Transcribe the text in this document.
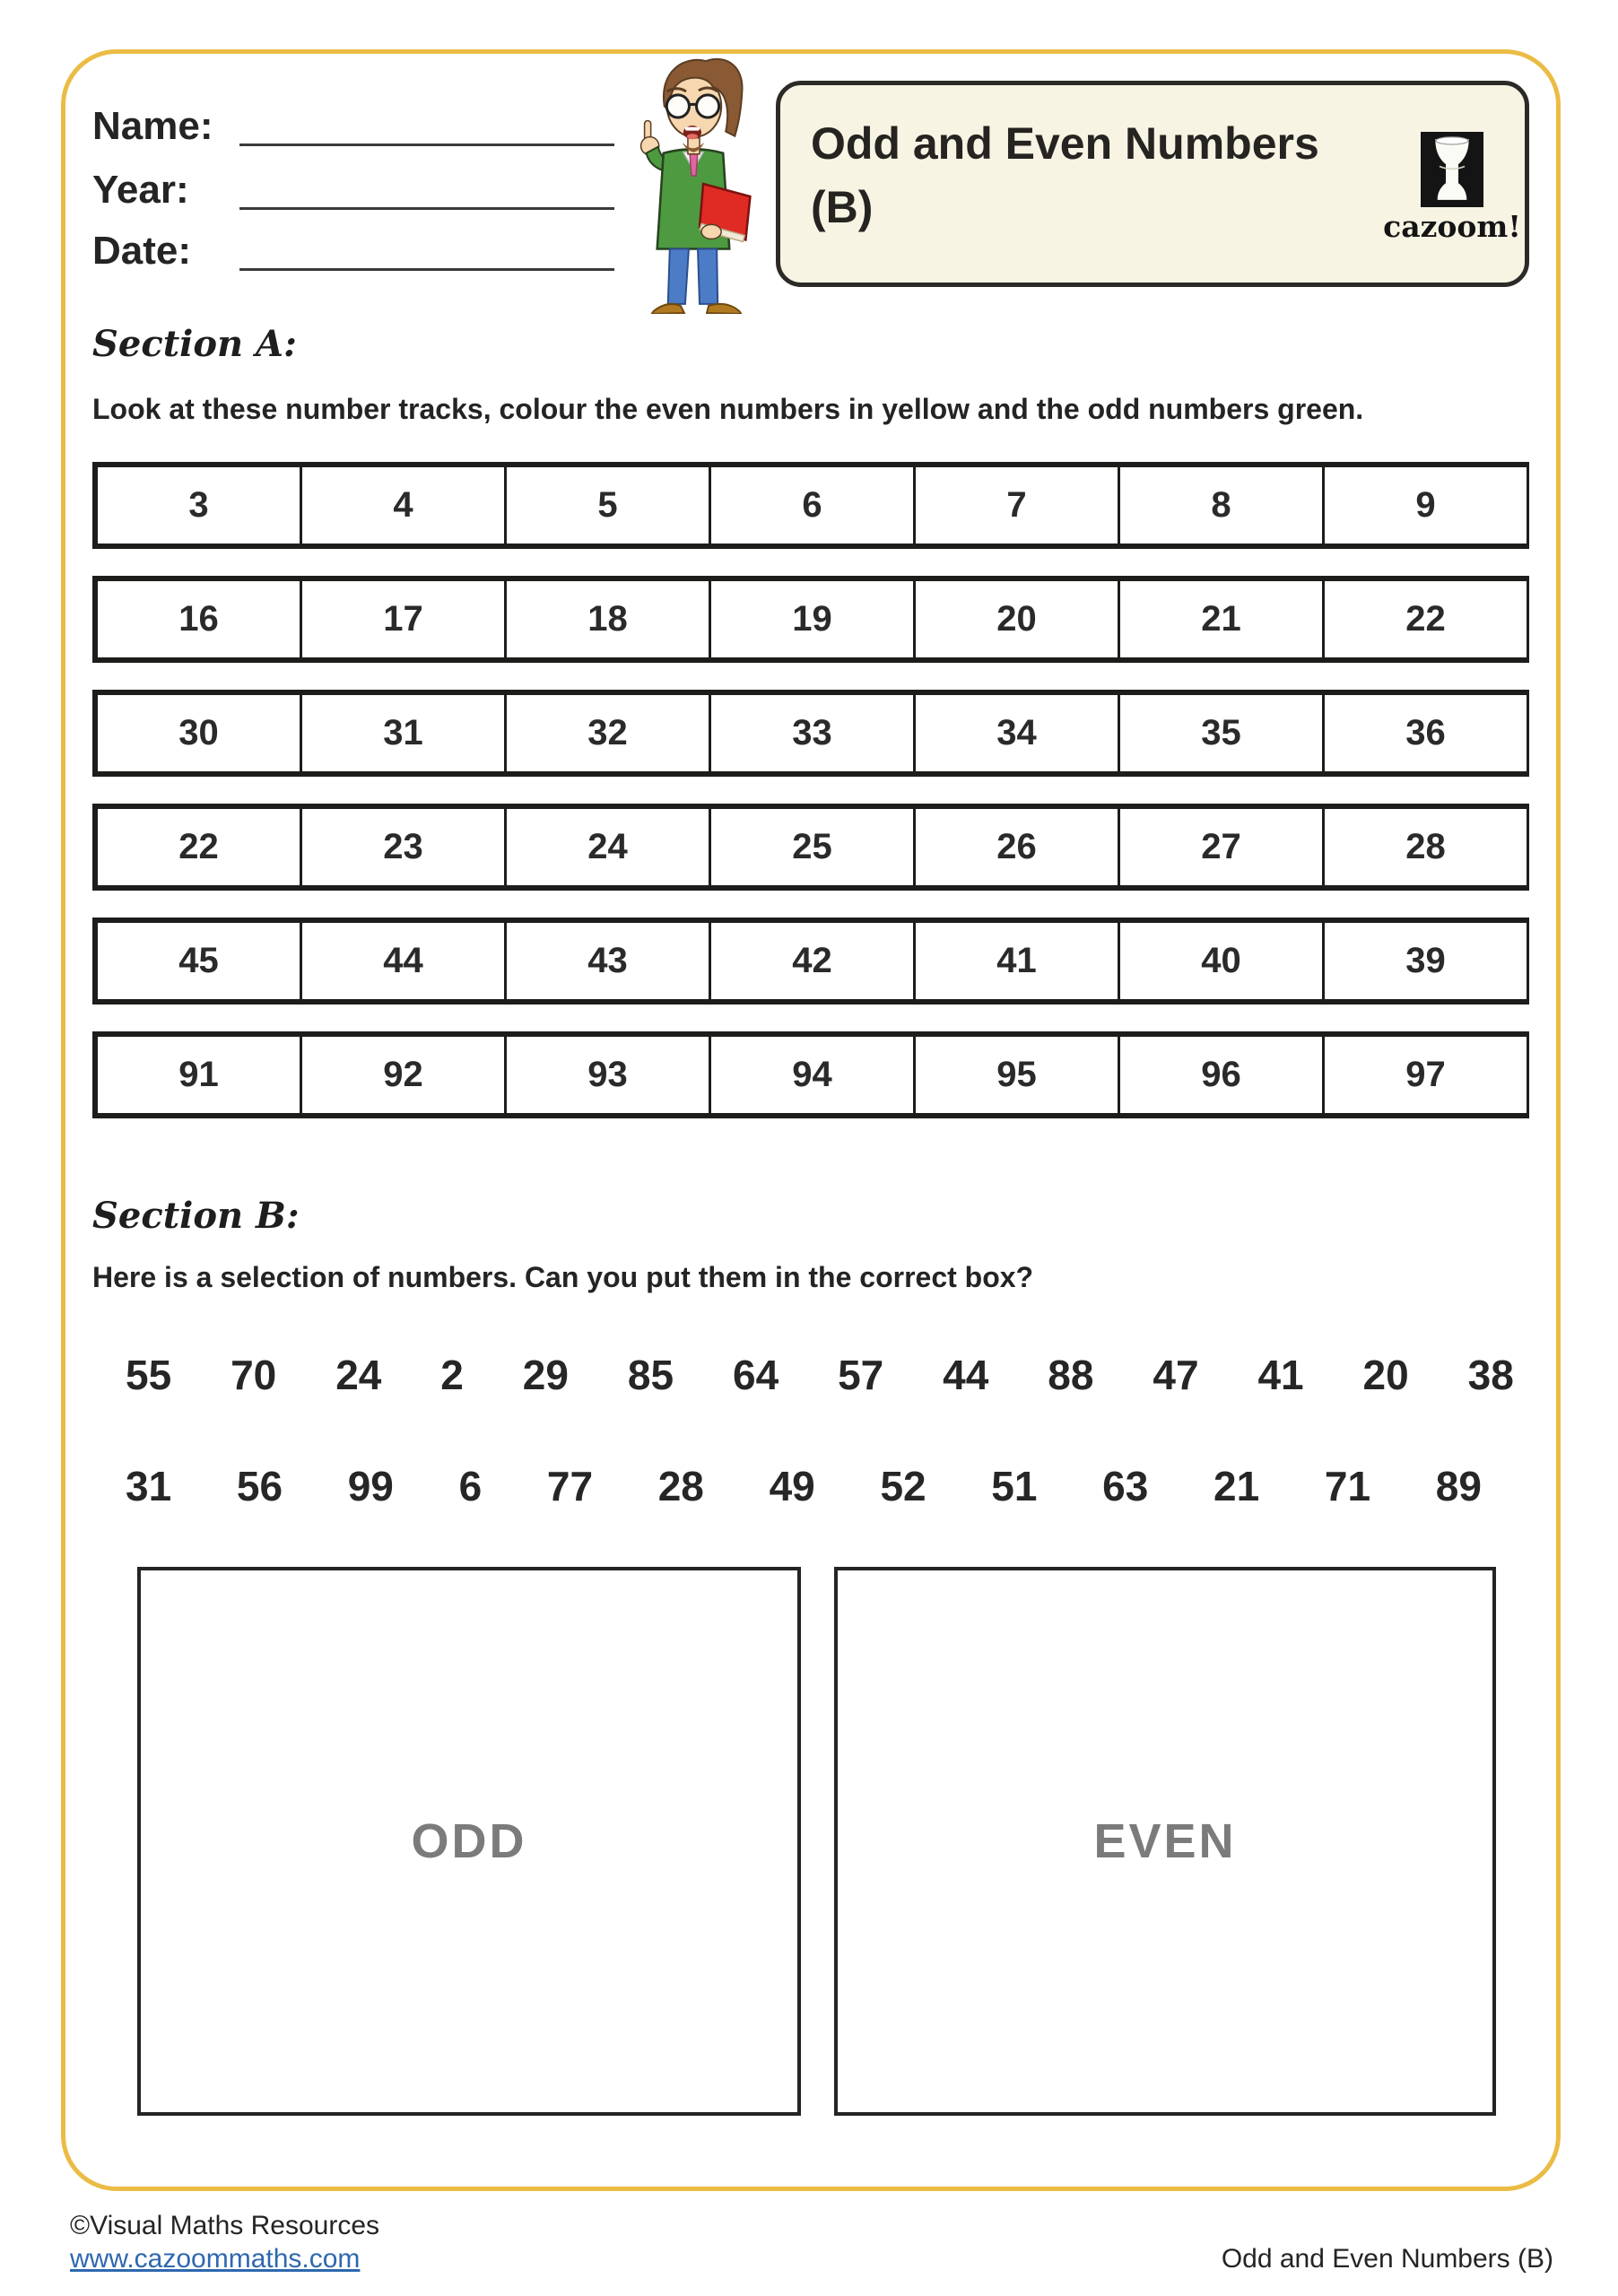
Name:
Year:
Date:
Odd and Even Numbers (B)	cazoom!
Section A:
Look at these number tracks, colour the even numbers in yellow and the odd numbers green.
3	4	5	6	7	8	9
16	17	18	19	20	21	22
30	31	32	33	34	35	36
22	23	24	25	26	27	28
45	44	43	42	41	40	39
91	92	93	94	95	96	97
Section B:
Here is a selection of numbers. Can you put them in the correct box?
55 70 24 2 29 85 64 57 44 88 47 41 20 38
31 56 99 6 77 28 49 52 51 63 21 71 89
ODD	EVEN
©Visual Maths Resources
www.cazoommaths.com	Odd and Even Numbers (B)
